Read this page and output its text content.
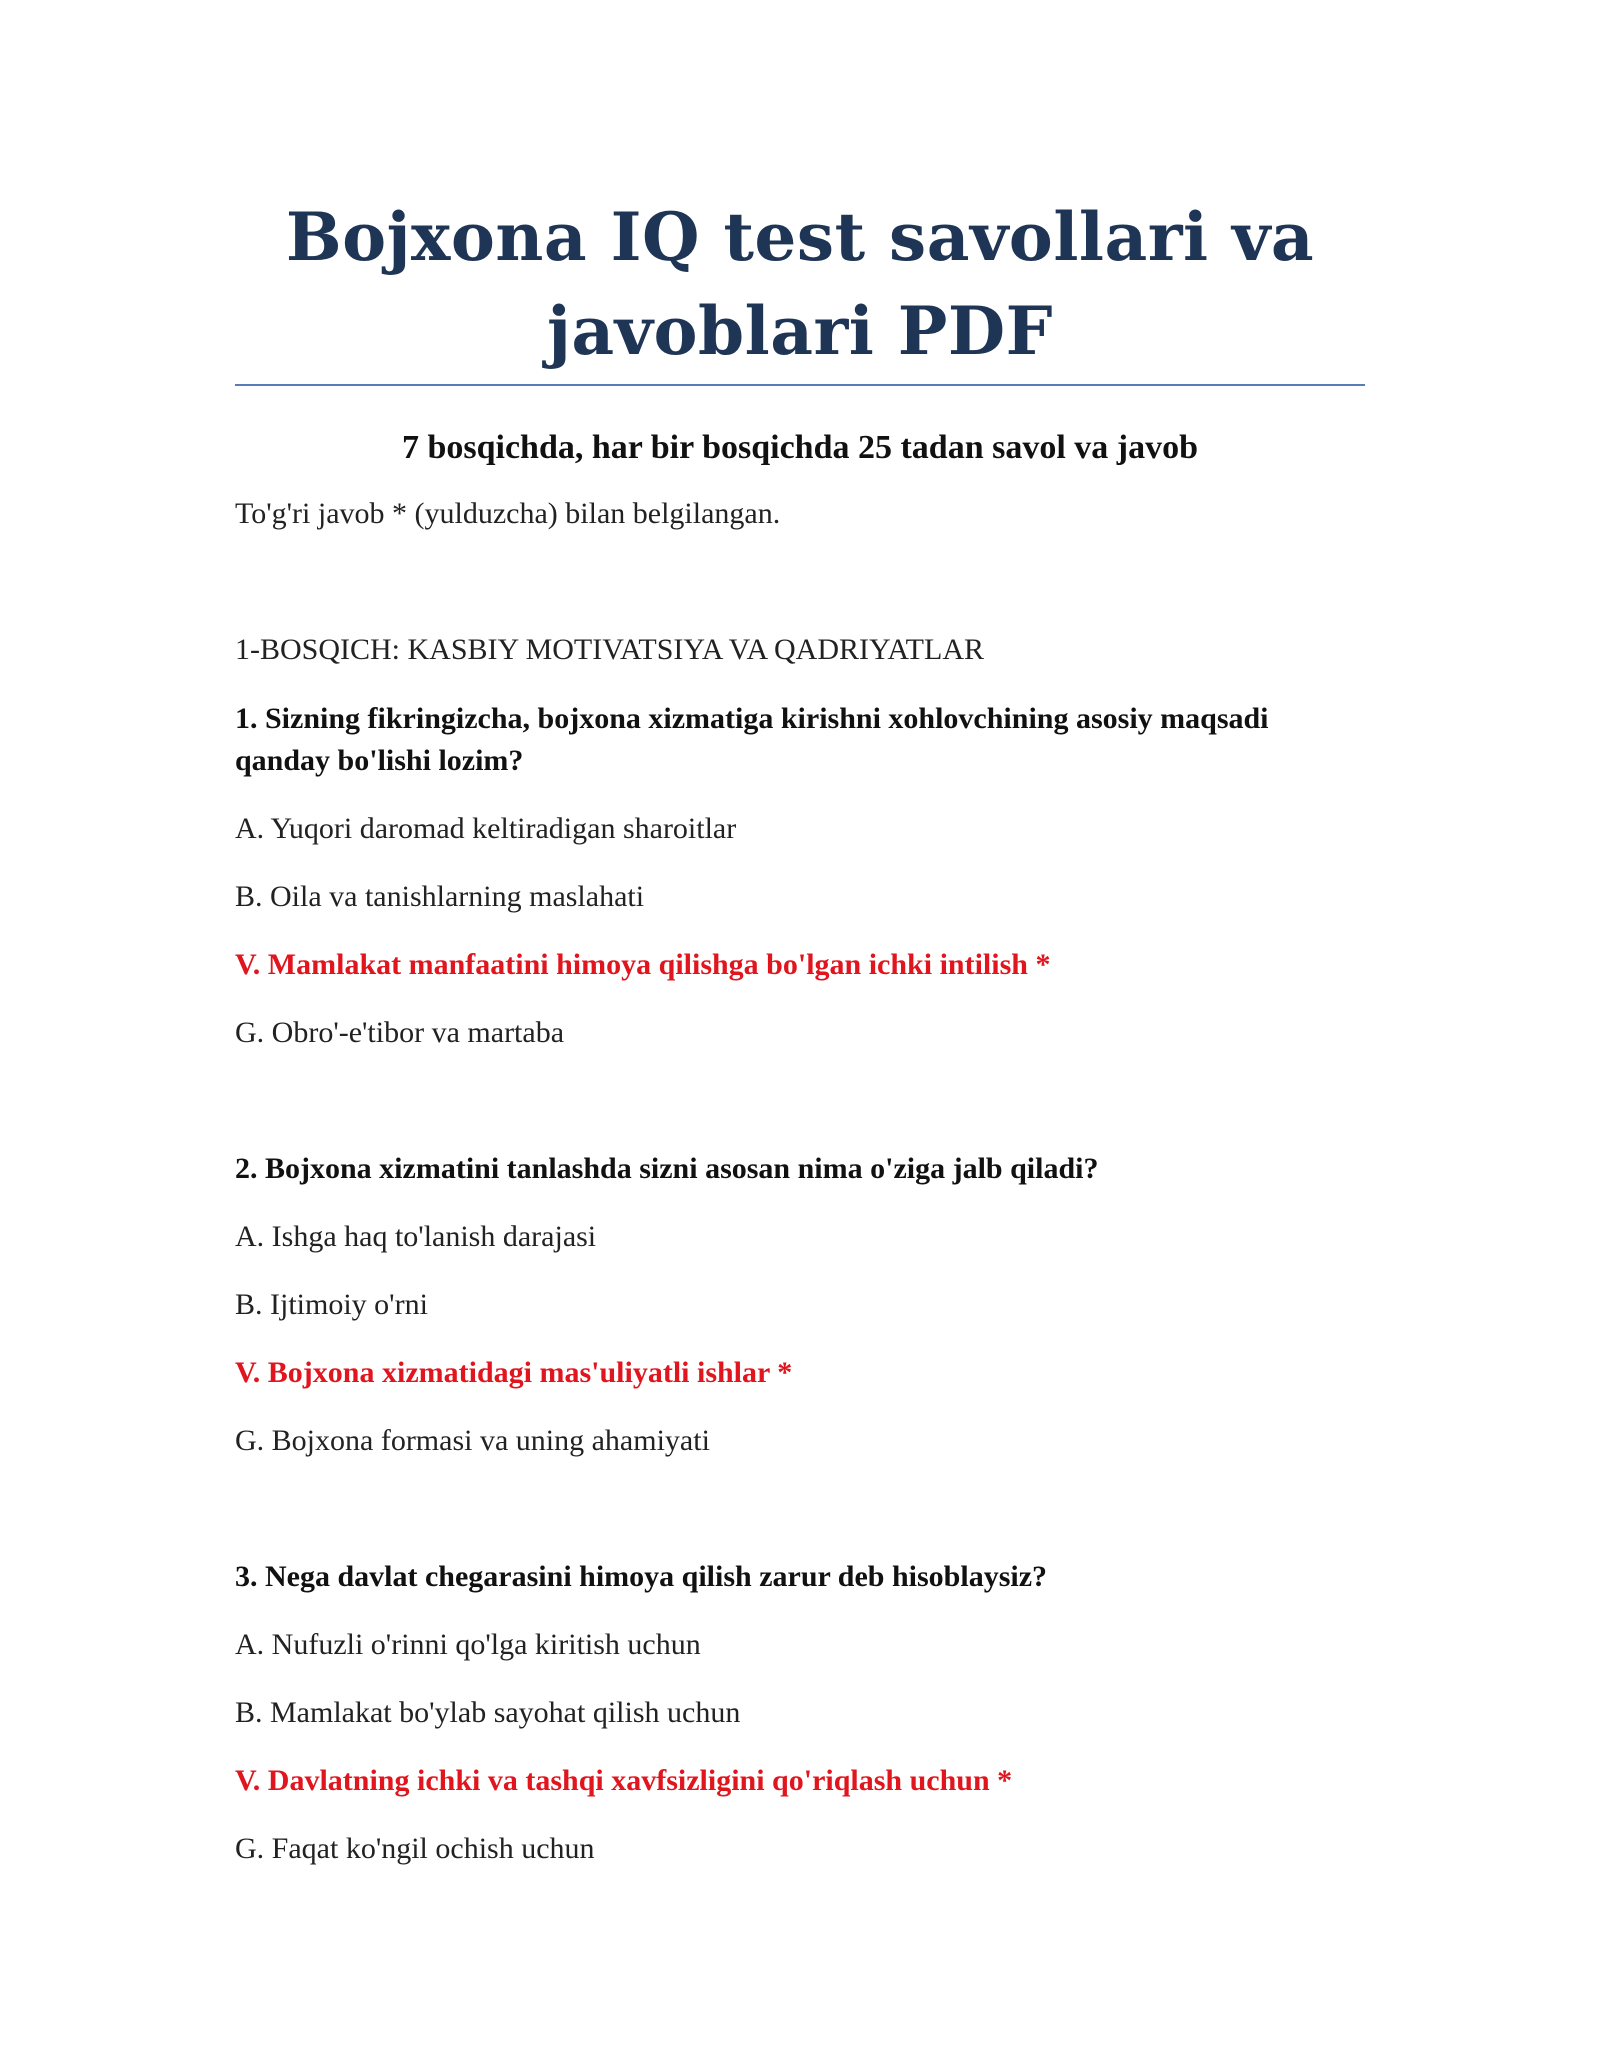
Bojxona IQ test savollari va javoblari PDF

7 bosqichda, har bir bosqichda 25 tadan savol va javob

To'g'ri javob * (yulduzcha) bilan belgilangan.

1-BOSQICH: KASBIY MOTIVATSIYA VA QADRIYATLAR

1. Sizning fikringizcha, bojxona xizmatiga kirishni xohlovchining asosiy maqsadi qanday bo'lishi lozim?

A. Yuqori daromad keltiradigan sharoitlar

B. Oila va tanishlarning maslahati

V. Mamlakat manfaatini himoya qilishga bo'lgan ichki intilish *

G. Obro'-e'tibor va martaba

2. Bojxona xizmatini tanlashda sizni asosan nima o'ziga jalb qiladi?

A. Ishga haq to'lanish darajasi

B. Ijtimoiy o'rni

V. Bojxona xizmatidagi mas'uliyatli ishlar *

G. Bojxona formasi va uning ahamiyati

3. Nega davlat chegarasini himoya qilish zarur deb hisoblaysiz?

A. Nufuzli o'rinni qo'lga kiritish uchun

B. Mamlakat bo'ylab sayohat qilish uchun

V. Davlatning ichki va tashqi xavfsizligini qo'riqlash uchun *

G. Faqat ko'ngil ochish uchun
